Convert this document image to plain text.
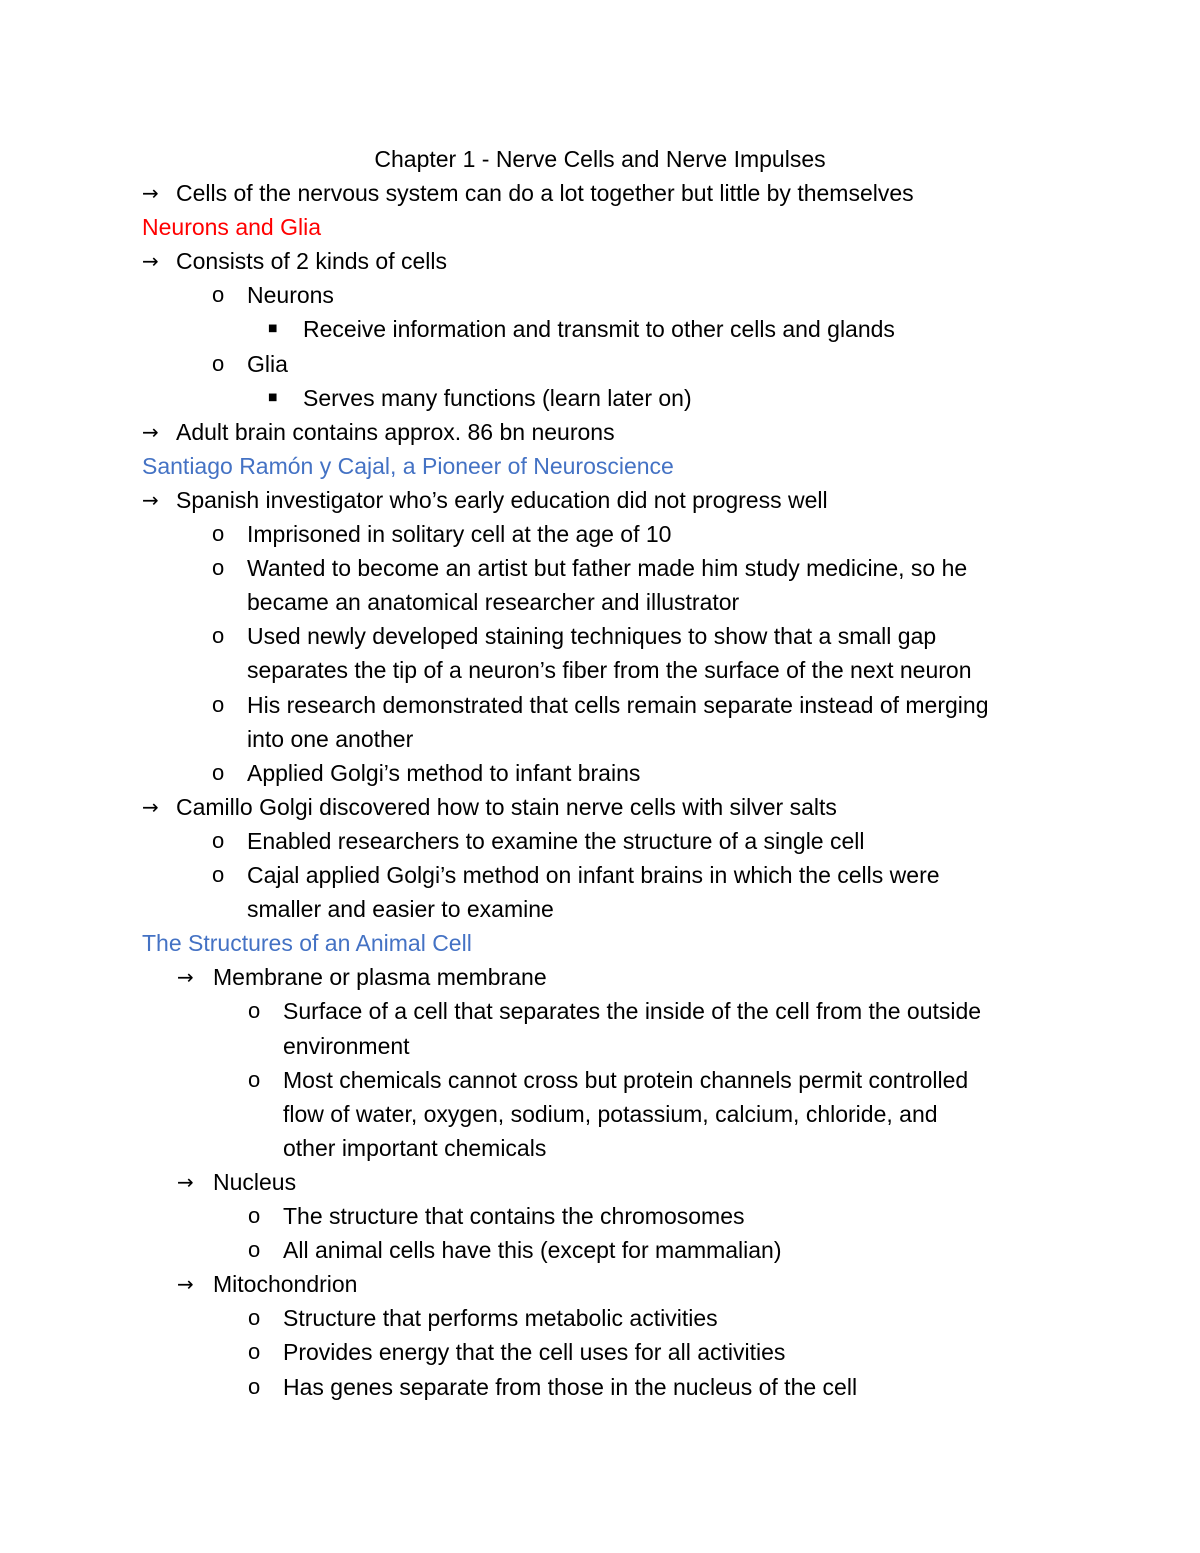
Chapter 1 - Nerve Cells and Nerve Impulses
→ Cells of the nervous system can do a lot together but little by themselves
Neurons and Glia
→ Consists of 2 kinds of cells
o Neurons
■ Receive information and transmit to other cells and glands
o Glia
■ Serves many functions (learn later on)
→ Adult brain contains approx. 86 bn neurons
Santiago Ramón y Cajal, a Pioneer of Neuroscience
→ Spanish investigator who’s early education did not progress well
o Imprisoned in solitary cell at the age of 10
o Wanted to become an artist but father made him study medicine, so he
became an anatomical researcher and illustrator
o Used newly developed staining techniques to show that a small gap
separates the tip of a neuron’s fiber from the surface of the next neuron
o His research demonstrated that cells remain separate instead of merging
into one another
o Applied Golgi’s method to infant brains
→ Camillo Golgi discovered how to stain nerve cells with silver salts
o Enabled researchers to examine the structure of a single cell
o Cajal applied Golgi’s method on infant brains in which the cells were
smaller and easier to examine
The Structures of an Animal Cell
→ Membrane or plasma membrane
o Surface of a cell that separates the inside of the cell from the outside
environment
o Most chemicals cannot cross but protein channels permit controlled
flow of water, oxygen, sodium, potassium, calcium, chloride, and
other important chemicals
→ Nucleus
o The structure that contains the chromosomes
o All animal cells have this (except for mammalian)
→ Mitochondrion
o Structure that performs metabolic activities
o Provides energy that the cell uses for all activities
o Has genes separate from those in the nucleus of the cell
